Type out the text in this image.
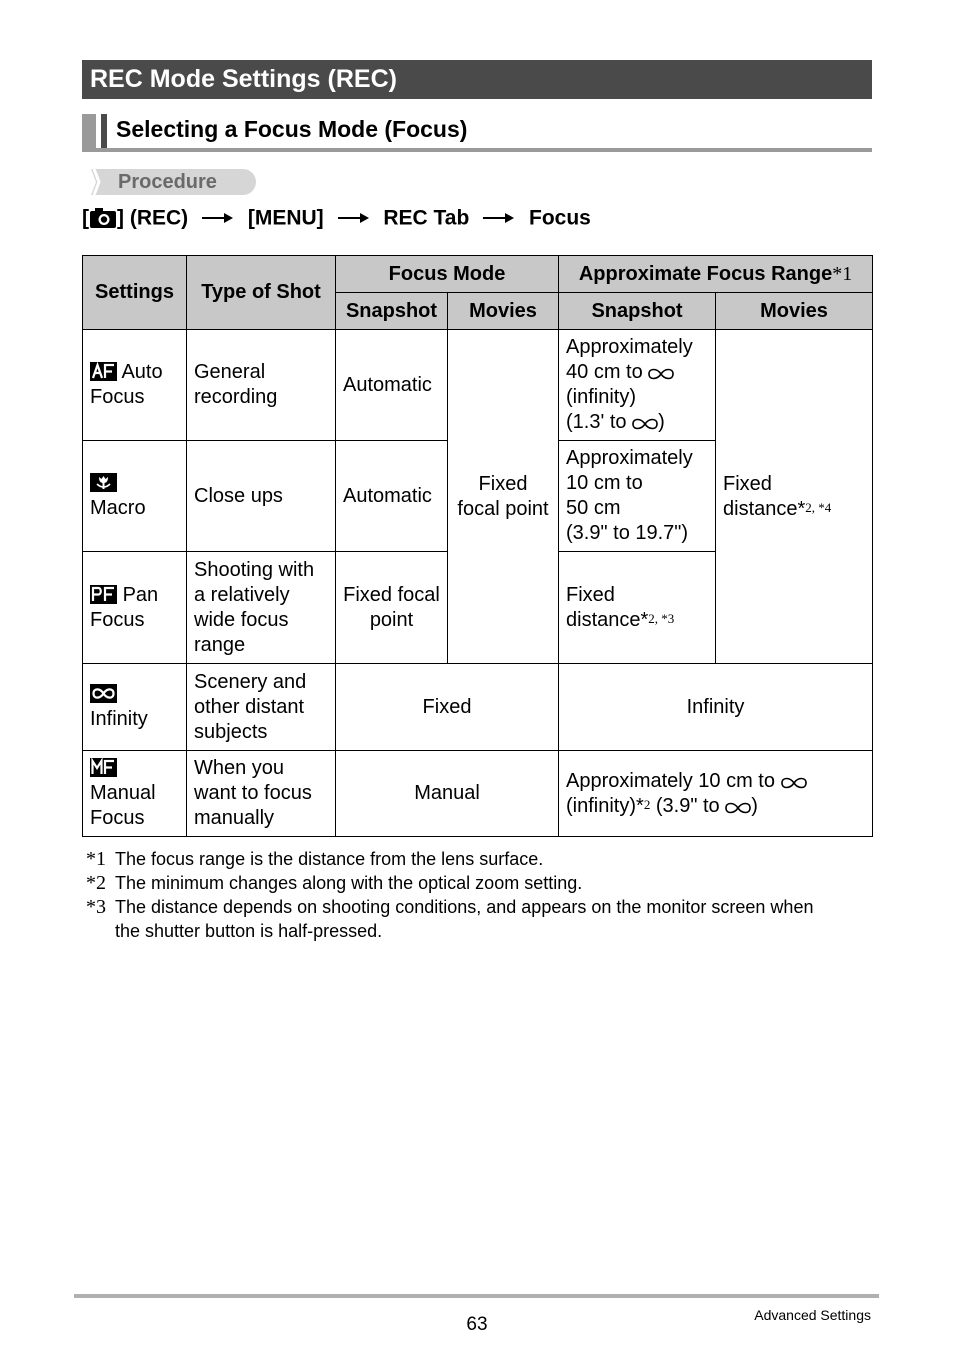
REC Mode Settings (REC)
Selecting a Focus Mode (Focus)
Procedure
[ ] (REC)	[MENU]	REC Tab	Focus
Settings	Type of Shot	Focus Mode		Approximate Focus Range*1	
		Snapshot	Movies	Snapshot	Movies
Auto Focus	General recording	Automatic	Fixed focal point	Approximately
40 cm to
(infinity)
(1.3' to )	Fixed distance*$^{2, *4}$

Macro	Close ups	Automatic		Approximately
10 cm to
50 cm
(3.9" to 19.7")	

Pan Focus	Shooting with a relatively wide focus range	Fixed focal point		Fixed distance*$^{2, *3}$

Infinity	Scenery and other distant subjects	Fixed		Infinity	

Manual Focus	When you want to focus manually	Manual		Approximately 10 cm to
(infinity)*$^2$ (3.9" to )	
*1 The focus range is the distance from the lens surface.
*2 The minimum changes along with the optical zoom setting.
*3 The distance depends on shooting conditions, and appears on the monitor screen when the shutter button is half-pressed.
63	Advanced Settings
